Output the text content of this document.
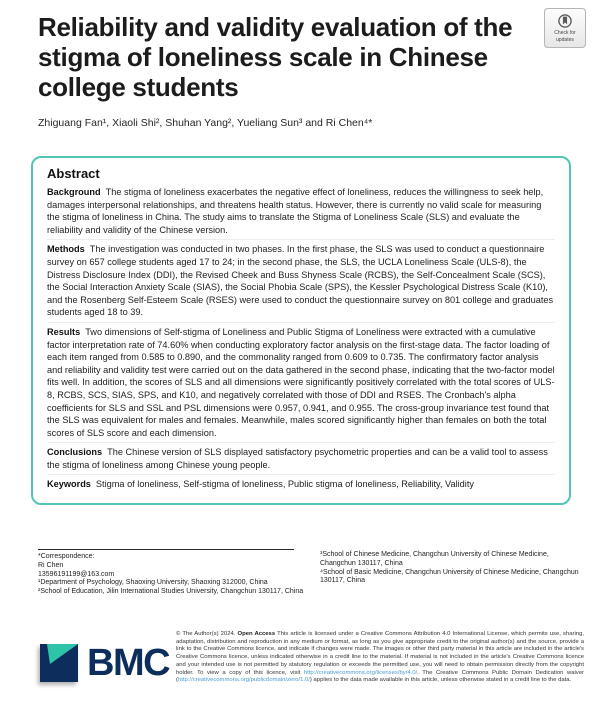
Reliability and validity evaluation of the stigma of loneliness scale in Chinese college students
Check for
updates
Zhiguang Fan¹, Xiaoli Shi², Shuhan Yang², Yueliang Sun³ and Ri Chen⁴*

Abstract

Background The stigma of loneliness exacerbates the negative effect of loneliness, reduces the willingness to seek help, damages interpersonal relationships, and threatens health status. However, there is currently no valid scale for measuring the stigma of loneliness in China. The study aims to translate the Stigma of Loneliness Scale (SLS) and evaluate the reliability and validity of the Chinese version.

Methods The investigation was conducted in two phases. In the first phase, the SLS was used to conduct a questionnaire survey on 657 college students aged 17 to 24; in the second phase, the SLS, the UCLA Loneliness Scale (ULS-8), the Distress Disclosure Index (DDI), the Revised Cheek and Buss Shyness Scale (RCBS), the Self-Concealment Scale (SCS), the Social Interaction Anxiety Scale (SIAS), the Social Phobia Scale (SPS), the Kessler Psychological Distress Scale (K10), and the Rosenberg Self-Esteem Scale (RSES) were used to conduct the questionnaire survey on 801 college and graduates students aged 18 to 39.

Results Two dimensions of Self-stigma of Loneliness and Public Stigma of Loneliness were extracted with a cumulative factor interpretation rate of 74.60% when conducting exploratory factor analysis on the first-stage data. The factor loading of each item ranged from 0.585 to 0.890, and the commonality ranged from 0.609 to 0.735. The confirmatory factor analysis and reliability and validity test were carried out on the data gathered in the second phase, indicating that the two-factor model fits well. In addition, the scores of SLS and all dimensions were significantly positively correlated with the total scores of ULS-8, RCBS, SCS, SIAS, SPS, and K10, and negatively correlated with those of DDI and RSES. The Cronbach's alpha coefficients for SLS and SSL and PSL dimensions were 0.957, 0.941, and 0.955. The cross-group invariance test found that the SLS was equivalent for males and females. Meanwhile, males scored significantly higher than females on both the total scores of SLS score and each dimension.

Conclusions The Chinese version of SLS displayed satisfactory psychometric properties and can be a valid tool to assess the stigma of loneliness among Chinese young people.

Keywords Stigma of loneliness, Self-stigma of loneliness, Public stigma of loneliness, Reliability, Validity

*Correspondence:
Ri Chen
13596191199@163.com
¹Department of Psychology, Shaoxing University, Shaoxing 312000, China
²School of Education, Jilin International Studies University, Changchun 130117, China
³School of Chinese Medicine, Changchun University of Chinese Medicine, Changchun 130117, China
⁴School of Basic Medicine, Changchun University of Chinese Medicine, Changchun 130117, China
BMC

© The Author(s) 2024. Open Access This article is licensed under a Creative Commons Attribution 4.0 International License, which permits use, sharing, adaptation, distribution and reproduction in any medium or format, as long as you give appropriate credit to the original author(s) and the source, provide a link to the Creative Commons licence, and indicate if changes were made. The images or other third party material in this article are included in the article's Creative Commons licence, unless indicated otherwise in a credit line to the material. If material is not included in the article's Creative Commons licence and your intended use is not permitted by statutory regulation or exceeds the permitted use, you will need to obtain permission directly from the copyright holder. To view a copy of this licence, visit http://creativecommons.org/licenses/by/4.0/. The Creative Commons Public Domain Dedication waiver (http://creativecommons.org/publicdomain/zero/1.0/) applies to the data made available in this article, unless otherwise stated in a credit line to the data.
